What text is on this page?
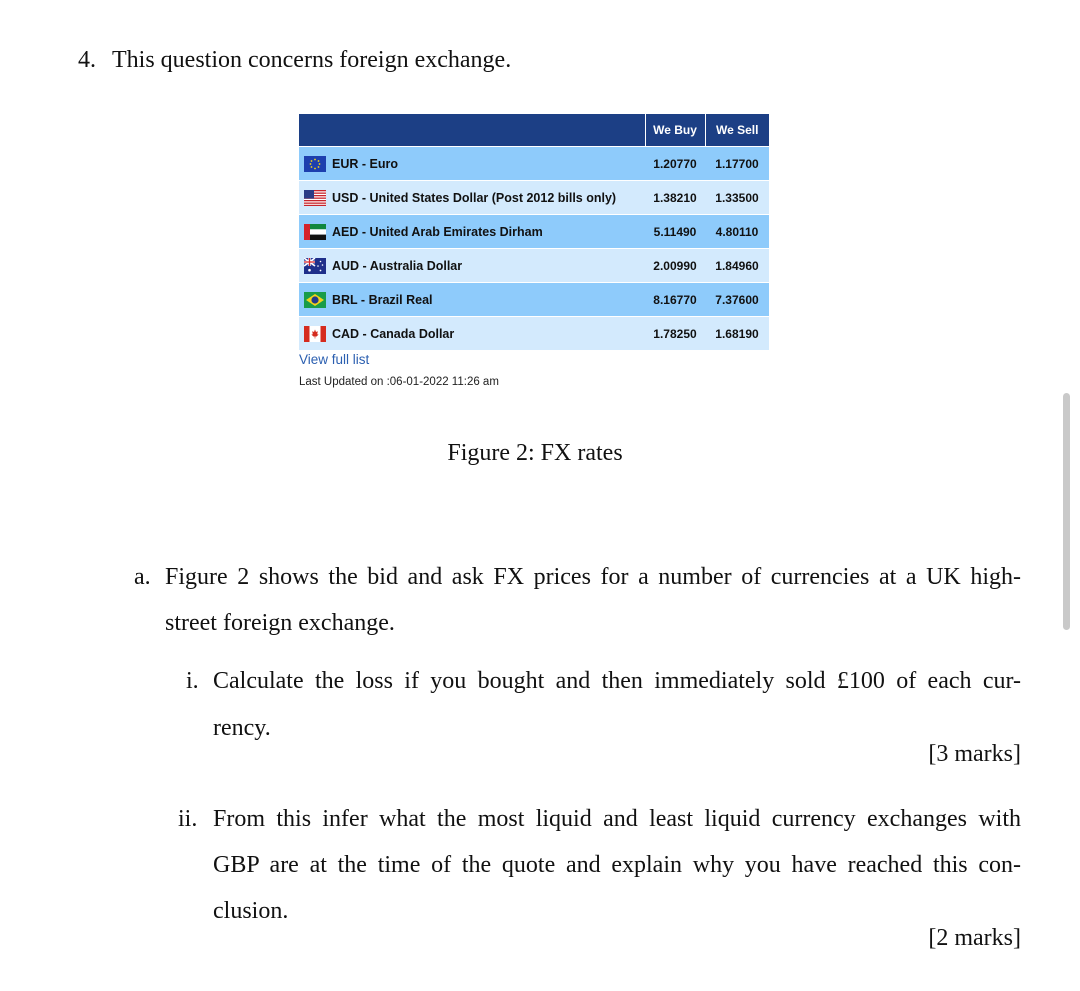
4. This question concerns foreign exchange.
	We Buy	We Sell
EUR - Euro	1.20770	1.17700
USD - United States Dollar (Post 2012 bills only)	1.38210	1.33500
AED - United Arab Emirates Dirham	5.11490	4.80110
AUD - Australia Dollar	2.00990	1.84960
BRL - Brazil Real	8.16770	7.37600
CAD - Canada Dollar	1.78250	1.68190
View full list
Last Updated on :06-01-2022 11:26 am
Figure 2: FX rates
a. Figure 2 shows the bid and ask FX prices for a number of currencies at a UK high-
street foreign exchange.
i. Calculate the loss if you bought and then immediately sold £100 of each cur-
rency.
[3 marks]
ii. From this infer what the most liquid and least liquid currency exchanges with
GBP are at the time of the quote and explain why you have reached this con-
clusion.
[2 marks]
